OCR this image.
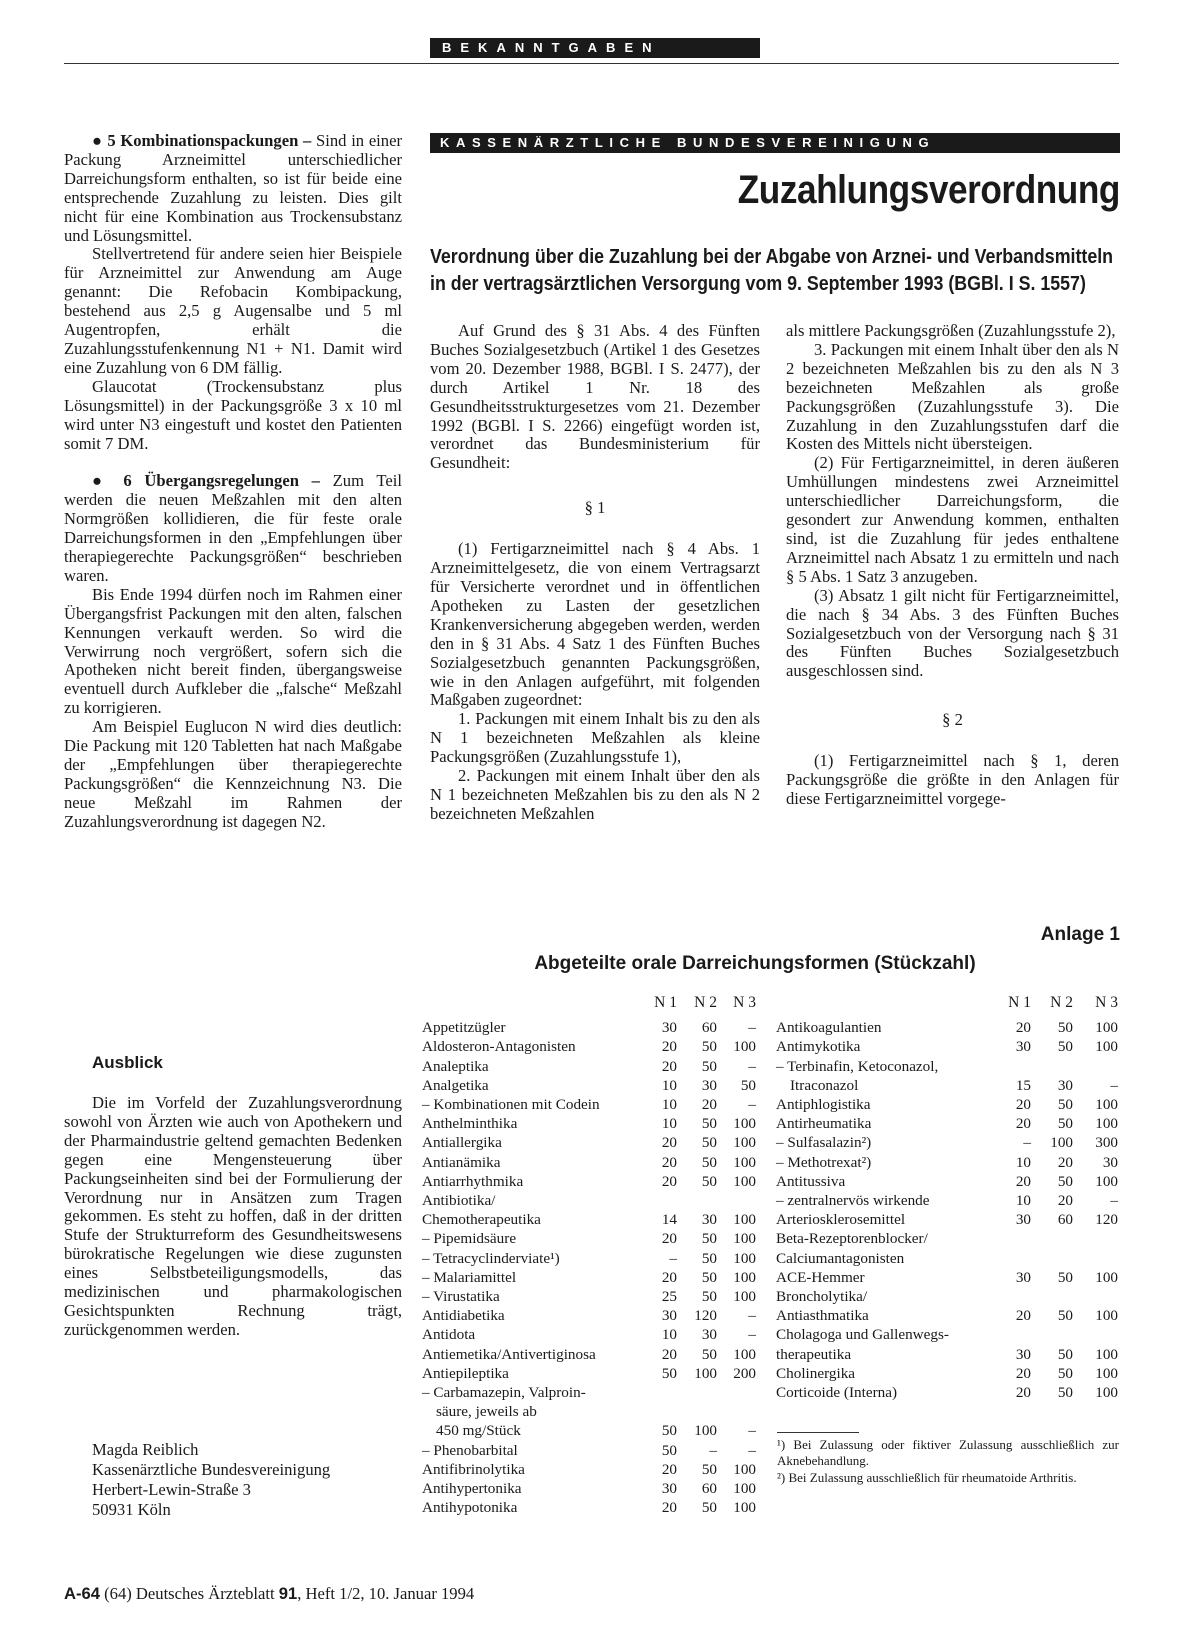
BEKANNTGABEN

● 5 Kombinationspackungen – Sind in einer Packung Arzneimittel unterschiedlicher Darreichungsform enthalten, so ist für beide eine entsprechende Zuzahlung zu leisten. Dies gilt nicht für eine Kombination aus Trockensubstanz und Lösungsmittel.

Stellvertretend für andere seien hier Beispiele für Arzneimittel zur Anwendung am Auge genannt: Die Refobacin Kombipackung, bestehend aus 2,5 g Augensalbe und 5 ml Augentropfen, erhält die Zuzahlungsstufenkennung N1 + N1. Damit wird eine Zuzahlung von 6 DM fällig.

Glaucotat (Trockensubstanz plus Lösungsmittel) in der Packungsgröße 3 x 10 ml wird unter N3 eingestuft und kostet den Patienten somit 7 DM.

● 6 Übergangsregelungen – Zum Teil werden die neuen Meßzahlen mit den alten Normgrößen kollidieren, die für feste orale Darreichungsformen in den „Empfehlungen über therapiegerechte Packungsgrößen“ beschrieben waren.

Bis Ende 1994 dürfen noch im Rahmen einer Übergangsfrist Packungen mit den alten, falschen Kennungen verkauft werden. So wird die Verwirrung noch vergrößert, sofern sich die Apotheken nicht bereit finden, übergangsweise eventuell durch Aufkleber die „falsche“ Meßzahl zu korrigieren.

Am Beispiel Euglucon N wird dies deutlich: Die Packung mit 120 Tabletten hat nach Maßgabe der „Empfehlungen über therapiegerechte Packungsgrößen“ die Kennzeichnung N3. Die neue Meßzahl im Rahmen der Zuzahlungsverordnung ist dagegen N2.

Ausblick

Die im Vorfeld der Zuzahlungsverordnung sowohl von Ärzten wie auch von Apothekern und der Pharmaindustrie geltend gemachten Bedenken gegen eine Mengensteuerung über Packungseinheiten sind bei der Formulierung der Verordnung nur in Ansätzen zum Tragen gekommen. Es steht zu hoffen, daß in der dritten Stufe der Strukturreform des Gesundheitswesens bürokratische Regelungen wie diese zugunsten eines Selbstbeteiligungsmodells, das medizinischen und pharmakologischen Gesichtspunkten Rechnung trägt, zurückgenommen werden.

Magda Reiblich
Kassenärztliche Bundesvereinigung
Herbert-Lewin-Straße 3
50931 Köln
KASSENÄRZTLICHE BUNDESVEREINIGUNG
Zuzahlungsverordnung
Verordnung über die Zuzahlung bei der Abgabe von Arznei- und Verbandsmitteln
in der vertragsärztlichen Versorgung vom 9. September 1993 (BGBl. I S. 1557)

Auf Grund des § 31 Abs. 4 des Fünften Buches Sozialgesetzbuch (Artikel 1 des Gesetzes vom 20. Dezember 1988, BGBl. I S. 2477), der durch Artikel 1 Nr. 18 des Gesundheitsstrukturgesetzes vom 21. Dezember 1992 (BGBl. I S. 2266) eingefügt worden ist, verordnet das Bundesministerium für Gesundheit:

§ 1

(1) Fertigarzneimittel nach § 4 Abs. 1 Arzneimittelgesetz, die von einem Vertragsarzt für Versicherte verordnet und in öffentlichen Apotheken zu Lasten der gesetzlichen Krankenversicherung abgegeben werden, werden den in § 31 Abs. 4 Satz 1 des Fünften Buches Sozialgesetzbuch genannten Packungsgrößen, wie in den Anlagen aufgeführt, mit folgenden Maßgaben zugeordnet:

1. Packungen mit einem Inhalt bis zu den als N 1 bezeichneten Meßzahlen als kleine Packungsgrößen (Zuzahlungsstufe 1),

2. Packungen mit einem Inhalt über den als N 1 bezeichneten Meßzahlen bis zu den als N 2 bezeichneten Meßzahlen

als mittlere Packungsgrößen (Zuzahlungsstufe 2),

3. Packungen mit einem Inhalt über den als N 2 bezeichneten Meßzahlen bis zu den als N 3 bezeichneten Meßzahlen als große Packungsgrößen (Zuzahlungsstufe 3). Die Zuzahlung in den Zuzahlungsstufen darf die Kosten des Mittels nicht übersteigen.

(2) Für Fertigarzneimittel, in deren äußeren Umhüllungen mindestens zwei Arzneimittel unterschiedlicher Darreichungsform, die gesondert zur Anwendung kommen, enthalten sind, ist die Zuzahlung für jedes enthaltene Arzneimittel nach Absatz 1 zu ermitteln und nach § 5 Abs. 1 Satz 3 anzugeben.

(3) Absatz 1 gilt nicht für Fertigarzneimittel, die nach § 34 Abs. 3 des Fünften Buches Sozialgesetzbuch von der Versorgung nach § 31 des Fünften Buches Sozialgesetzbuch ausgeschlossen sind.

§ 2

(1) Fertigarzneimittel nach § 1, deren Packungsgröße die größte in den Anlagen für diese Fertigarzneimittel vorgege-

Anlage 1
Abgeteilte orale Darreichungsformen (Stückzahl)
	N 1	N 2	N 3
Appetitzügler	30	60	–
Aldosteron-Antagonisten	20	50	100
Analeptika	20	50	–
Analgetika	10	30	50
– Kombinationen mit Codein	10	20	–
Anthelminthika	10	50	100
Antiallergika	20	50	100
Antianämika	20	50	100
Antiarrhythmika	20	50	100
Antibiotika/			
Chemotherapeutika	14	30	100
– Pipemidsäure	20	50	100
– Tetracyclinderviate¹)	–	50	100
– Malariamittel	20	50	100
– Virustatika	25	50	100
Antidiabetika	30	120	–
Antidota	10	30	–
Antiemetika/Antivertiginosa	20	50	100
Antiepileptika	50	100	200
– Carbamazepin, Valproin-			
säure, jeweils ab			
450 mg/Stück	50	100	–
– Phenobarbital	50	–	–
Antifibrinolytika	20	50	100
Antihypertonika	30	60	100
Antihypotonika	20	50	100
	N 1	N 2	N 3
Antikoagulantien	20	50	100
Antimykotika	30	50	100
– Terbinafin, Ketoconazol,			
Itraconazol	15	30	–
Antiphlogistika	20	50	100
Antirheumatika	20	50	100
– Sulfasalazin²)	–	100	300
– Methotrexat²)	10	20	30
Antitussiva	20	50	100
– zentralnervös wirkende	10	20	–
Arteriosklerosemittel	30	60	120
Beta-Rezeptorenblocker/			
Calciumantagonisten			
ACE-Hemmer	30	50	100
Broncholytika/			
Antiasthmatika	20	50	100
Cholagoga und Gallenwegs-			
therapeutika	30	50	100
Cholinergika	20	50	100
Corticoide (Interna)	20	50	100

¹) Bei Zulassung oder fiktiver Zulassung ausschließlich zur Aknebehandlung.

²) Bei Zulassung ausschließlich für rheumatoide Arthritis.

A-64 (64) Deutsches Ärzteblatt 91, Heft 1/2, 10. Januar 1994
